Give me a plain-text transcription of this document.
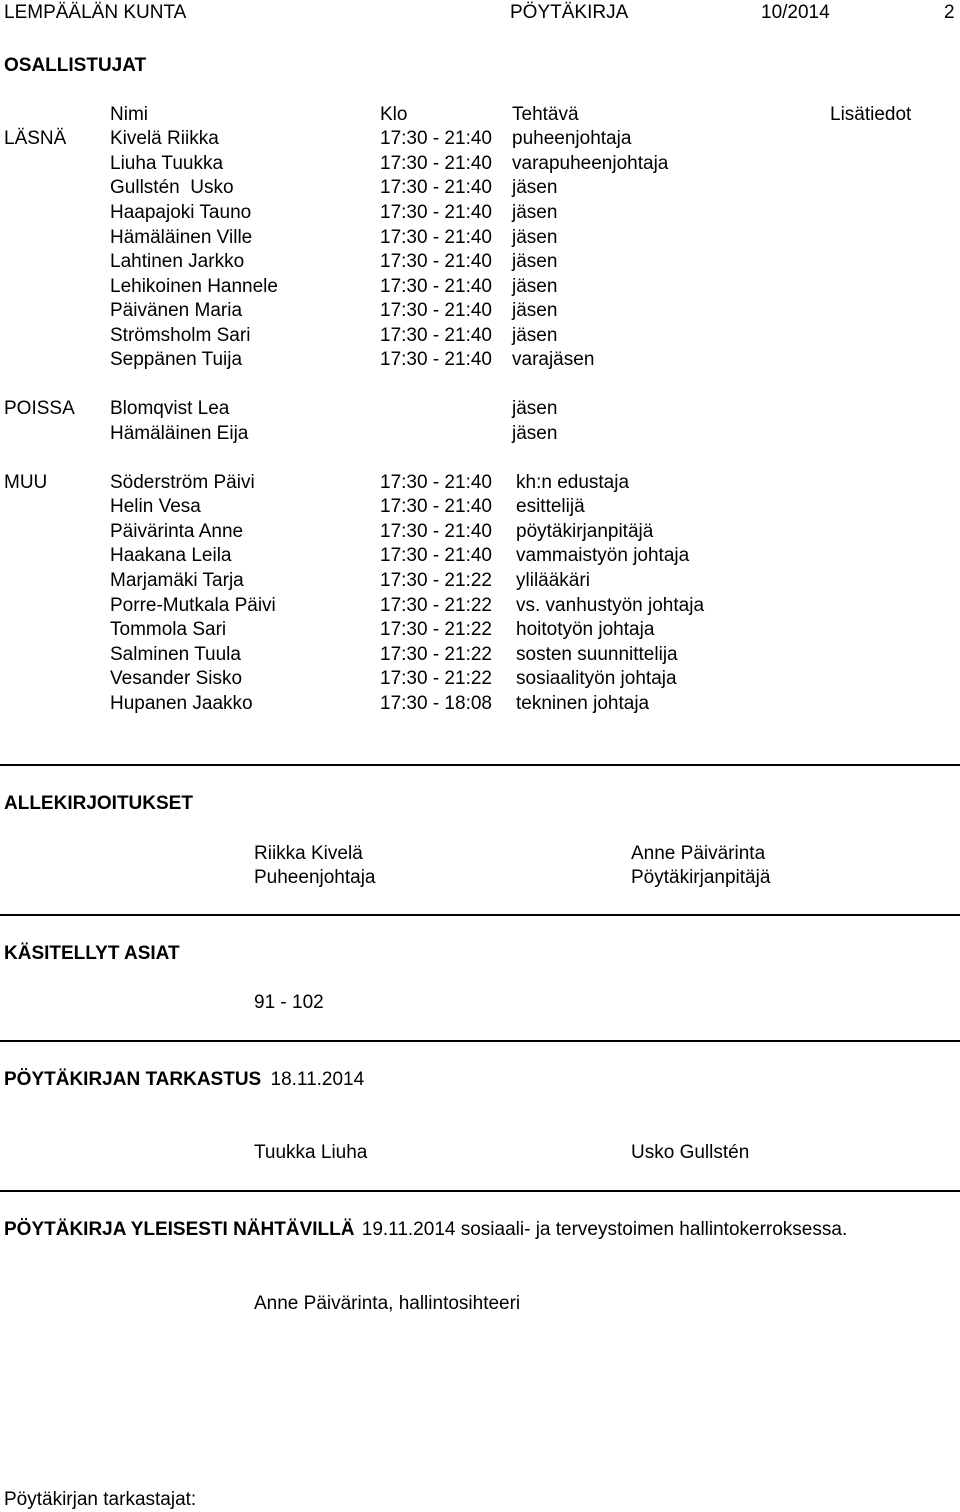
LEMPÄÄLÄN KUNTA	PÖYTÄKIRJA	10/2014	2
OSALLISTUJAT
Nimi	Klo	Tehtävä	Lisätiedot
LÄSNÄ Kivelä Riikka	17:30 - 21:40 puheenjohtaja
Liuha Tuukka	17:30 - 21:40 varapuheenjohtaja
Gullstén  Usko	17:30 - 21:40 jäsen
Haapajoki Tauno	17:30 - 21:40 jäsen
Hämäläinen Ville	17:30 - 21:40 jäsen
Lahtinen Jarkko	17:30 - 21:40 jäsen
Lehikoinen Hannele	17:30 - 21:40 jäsen
Päivänen Maria	17:30 - 21:40 jäsen
Strömsholm Sari	17:30 - 21:40 jäsen
Seppänen Tuija	17:30 - 21:40 varajäsen
POISSA Blomqvist Lea	jäsen
Hämäläinen Eija	jäsen
MUU	Söderström Päivi	17:30 - 21:40 kh:n edustaja
Helin Vesa	17:30 - 21:40 esittelijä
Päivärinta Anne	17:30 - 21:40 pöytäkirjanpitäjä
Haakana Leila	17:30 - 21:40 vammaistyön johtaja
Marjamäki Tarja	17:30 - 21:22 ylilääkäri
Porre-Mutkala Päivi	17:30 - 21:22 vs. vanhustyön johtaja
Tommola Sari	17:30 - 21:22 hoitotyön johtaja
Salminen Tuula	17:30 - 21:22 sosten suunnittelija
Vesander Sisko	17:30 - 21:22 sosiaalityön johtaja
Hupanen Jaakko	17:30 - 18:08 tekninen johtaja
ALLEKIRJOITUKSET
Riikka Kivelä
Puheenjohtaja
Anne Päivärinta
Pöytäkirjanpitäjä
KÄSITELLYT ASIAT
91 - 102
PÖYTÄKIRJAN TARKASTUS 18.11.2014
Tuukka Liuha	Usko Gullstén
PÖYTÄKIRJA YLEISESTI NÄHTÄVILLÄ 19.11.2014 sosiaali- ja terveystoimen hallintokerroksessa.
Anne Päivärinta, hallintosihteeri
Pöytäkirjan tarkastajat:
